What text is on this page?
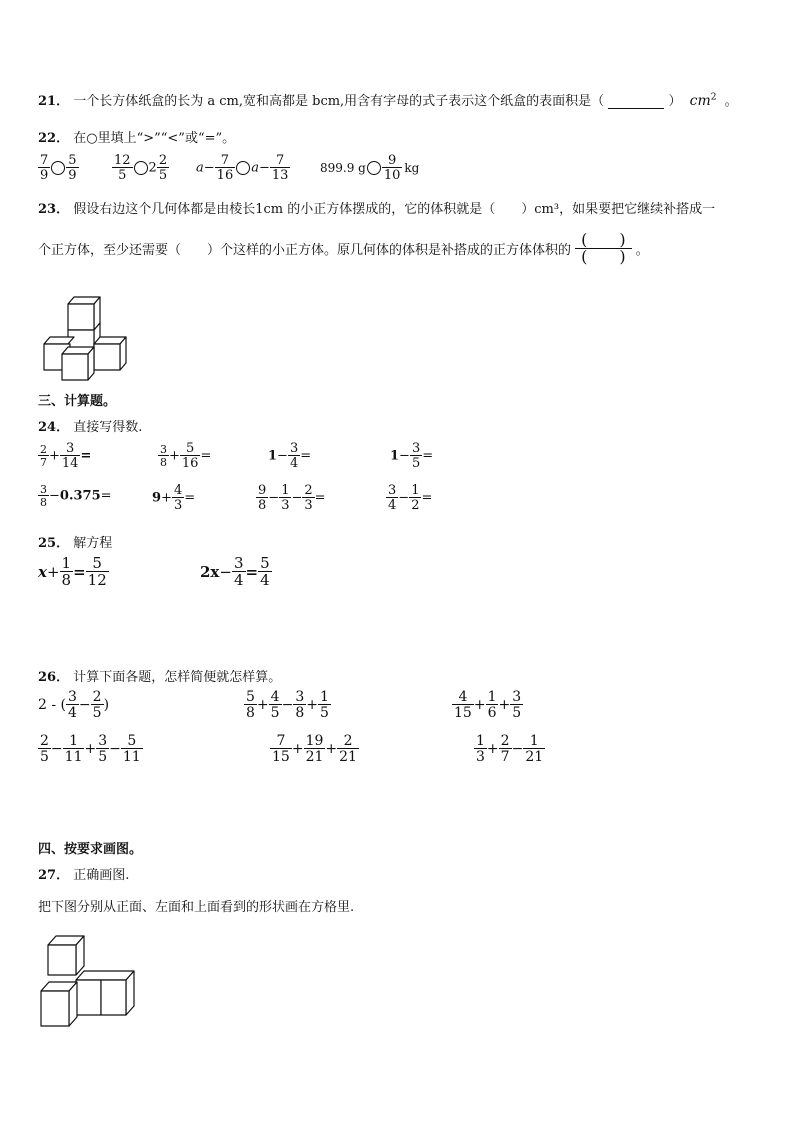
21． 一个长方体纸盒的长为 a cm,宽和高都是 bcm,用含有字母的式子表示这个纸盒的表面积是（	） $cm^2$ 。
22． 在○里填上“>”“<”或“=”。
$\frac{7}{9} \frac{5}{9}$	$\frac{12}{5} 2 \frac{2}{5} a- \frac{7}{16} a- \frac{7}{13} 899.9$ g $\frac{9}{10}$ kg
23． 假设右边这个几何体都是由棱长1cm 的小正方体摆成的，它的体积就是（　　）cm³，如果要把它继续补搭成一
个正方体，至少还需要（　　）个这样的小正方体。原几何体的体积是补搭成的正方体体积的 $\frac{( )}{( )}$ 。
三、计算题。
24． 直接写得数.
$\frac{2}{7} + \frac{3}{14}$ =	$\frac{3}{8} + \frac{5}{16}$ =	$1- \frac{3}{4}$ =	$1- \frac{3}{5}$ =
$\frac{3}{8} -0.375=$	$9+ \frac{4}{3}$ =	$\frac{9}{8} - \frac{1}{3} - \frac{2}{3}$ =	$\frac{3}{4} - \frac{1}{2}$ =
25． 解方程
$x+ \frac{1}{8} = \frac{5}{12}$	$2x- \frac{3}{4} = \frac{5}{4}$
26． 计算下面各题，怎样简便就怎样算。
2 - ( $\frac{3}{4} - \frac{2}{5}$ )	$\frac{5}{8} + \frac{4}{5} - \frac{3}{8} + \frac{1}{5}$	$\frac{4}{15} + \frac{1}{6} + \frac{3}{5}$
$\frac{2}{5} - \frac{1}{11} + \frac{3}{5} - \frac{5}{11}$	$\frac{7}{15} + \frac{19}{21} + \frac{2}{21}$	$\frac{1}{3} + \frac{2}{7} - \frac{1}{21}$
四、按要求画图。
27． 正确画图.
把下图分别从正面、左面和上面看到的形状画在方格里.
